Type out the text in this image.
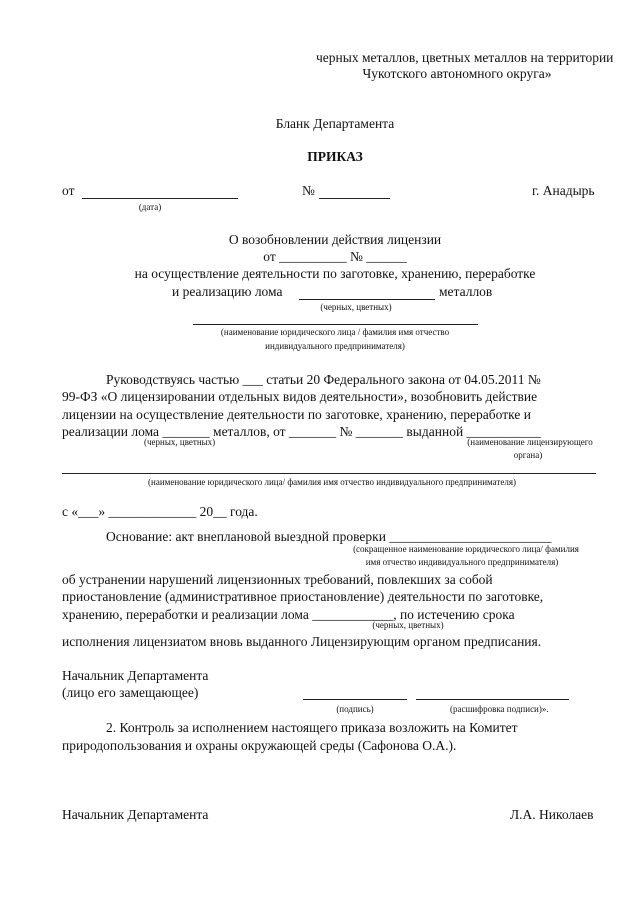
черных металлов, цветных металлов на территории
Чукотского автономного округа»
Бланк Департамента
ПРИКАЗ
от
(дата)
№	г. Анадырь
О возобновлении действия лицензии
от __________ № ______
на осуществление деятельности по заготовке, хранению, переработке
и реализацию лома	металлов
(черных, цветных)
(наименование юридического лица / фамилия имя отчество
индивидуального предпринимателя)
Руководствуясь частью ___ статьи 20 Федерального закона от 04.05.2011 №
99-ФЗ «О лицензировании отдельных видов деятельности», возобновить действие
лицензии на осуществление деятельности по заготовке, хранению, переработке и
реализации лома _______ металлов, от _______ № _______ выданной ___________
(черных, цветных)	(наименование лицензирующего
органа)
(наименование юридического лица/ фамилия имя отчество индивидуального предпринимателя)
с «___» _____________ 20__ года.
Основание: акт внеплановой выездной проверки ________________________
(сокращенное наименование юридического лица/ фамилия
имя отчество индивидуального предпринимателя)
об устранении нарушений лицензионных требований, повлекших за собой
приостановление (административное приостановление) деятельности по заготовке,
хранению, переработки и реализации лома ____________, по истечению срока
(черных, цветных)
исполнения лицензиатом вновь выданного Лицензирующим органом предписания.
Начальник Департамента
(лицо его замещающее)
(подпись)	(расшифровка подписи)».
2. Контроль за исполнением настоящего приказа возложить на Комитет
природопользования и охраны окружающей среды (Сафонова О.А.).
Начальник Департамента	Л.А. Николаев
